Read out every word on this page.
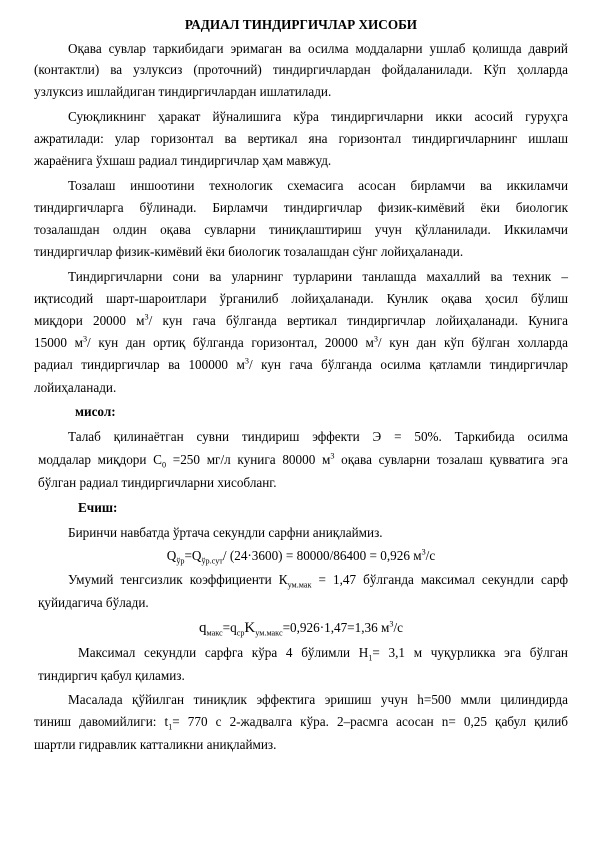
РАДИАЛ ТИНДИРГИЧЛАР ХИСОБИ
Оқава сувлар таркибидаги эримаган ва осилма моддаларни ушлаб қолишда даврий
(контактли) ва узлуксиз (проточний) тиндиргичлардан фойдаланилади. Кўп ҳолларда
узлуксиз ишлайдиган тиндиргичлардан ишлатилади.
Суюқликнинг ҳаракат йўналишига кўра тиндиргичларни икки асосий гуруҳга
ажратилади: улар горизонтал ва вертикал яна горизонтал тиндиргичларнинг ишлаш
жараёнига ўхшаш радиал тиндиргичлар ҳам мавжуд.
Тозалаш иншоотини технологик схемасига асосан бирламчи ва иккиламчи
тиндиргичларга бўлинади. Бирламчи тиндиргичлар физик-кимёвий ёки биологик
тозалашдан олдин оқава сувларни тиниқлаштириш учун қўлланилади. Иккиламчи
тиндиргичлар физик-кимёвий ёки биологик тозалашдан сўнг лойиҳаланади.
Тиндиргичларни сони ва уларнинг турларини танлашда махаллий ва техник –
иқтисодий шарт-шароитлари ўрганилиб лойиҳаланади. Кунлик оқава ҳосил бўлиш
миқдори 20000 $м^3/$ кун гача бўлганда вертикал тиндиргичлар лойиҳаланади. Кунига
15000 $м^3/$ кун дан ортиқ бўлганда горизонтал, 20000 $м^3/$ кун дан кўп бўлган холларда
радиал тиндиргичлар ва 100000 $м^3/$ кун гача бўлганда осилма қатламли тиндиргичлар
лойиҳаланади.
мисол:
Талаб қилинаётган сувни тиндириш эффекти Э = 50%. Таркибида осилма
моддалар миқдори $С_0 =250$ мг/л кунига 80000 $м^3$ оқава сувларни тозалаш қувватига эга
бўлган радиал тиндиргичларни хисобланг.
Ечиш:
Биринчи навбатда ўртача секундли сарфни аниқлаймиз.
$Q_{ўр}=Q_{ўр.сут}/$ (24·3600) = 80000/86400 = 0,926 $м^3/с$
Умумий тенгсизлик коэффициенти $К_{ум.мак} = 1,47$ бўлганда максимал секундли сарф
қуйидагича бўлади.
$q_{макс}=q_{ср}K_{ум.макс}=0,926\cdot 1,47=1,36$ $м^3/с$
Максимал секундли сарфга кўра 4 бўлимли $Н_1= 3,1$ м чуқурликка эга бўлган
тиндиргич қабул қиламиз.
Масалада қўйилган тиниқлик эффектига эришиш учун h=500 ммли цилиндирда
тиниш давомийлиги: $t_1= 770$ с 2-жадвалга кўра. 2–расмга асосан n= 0,25 қабул қилиб
шартли гидравлик катталикни аниқлаймиз.
